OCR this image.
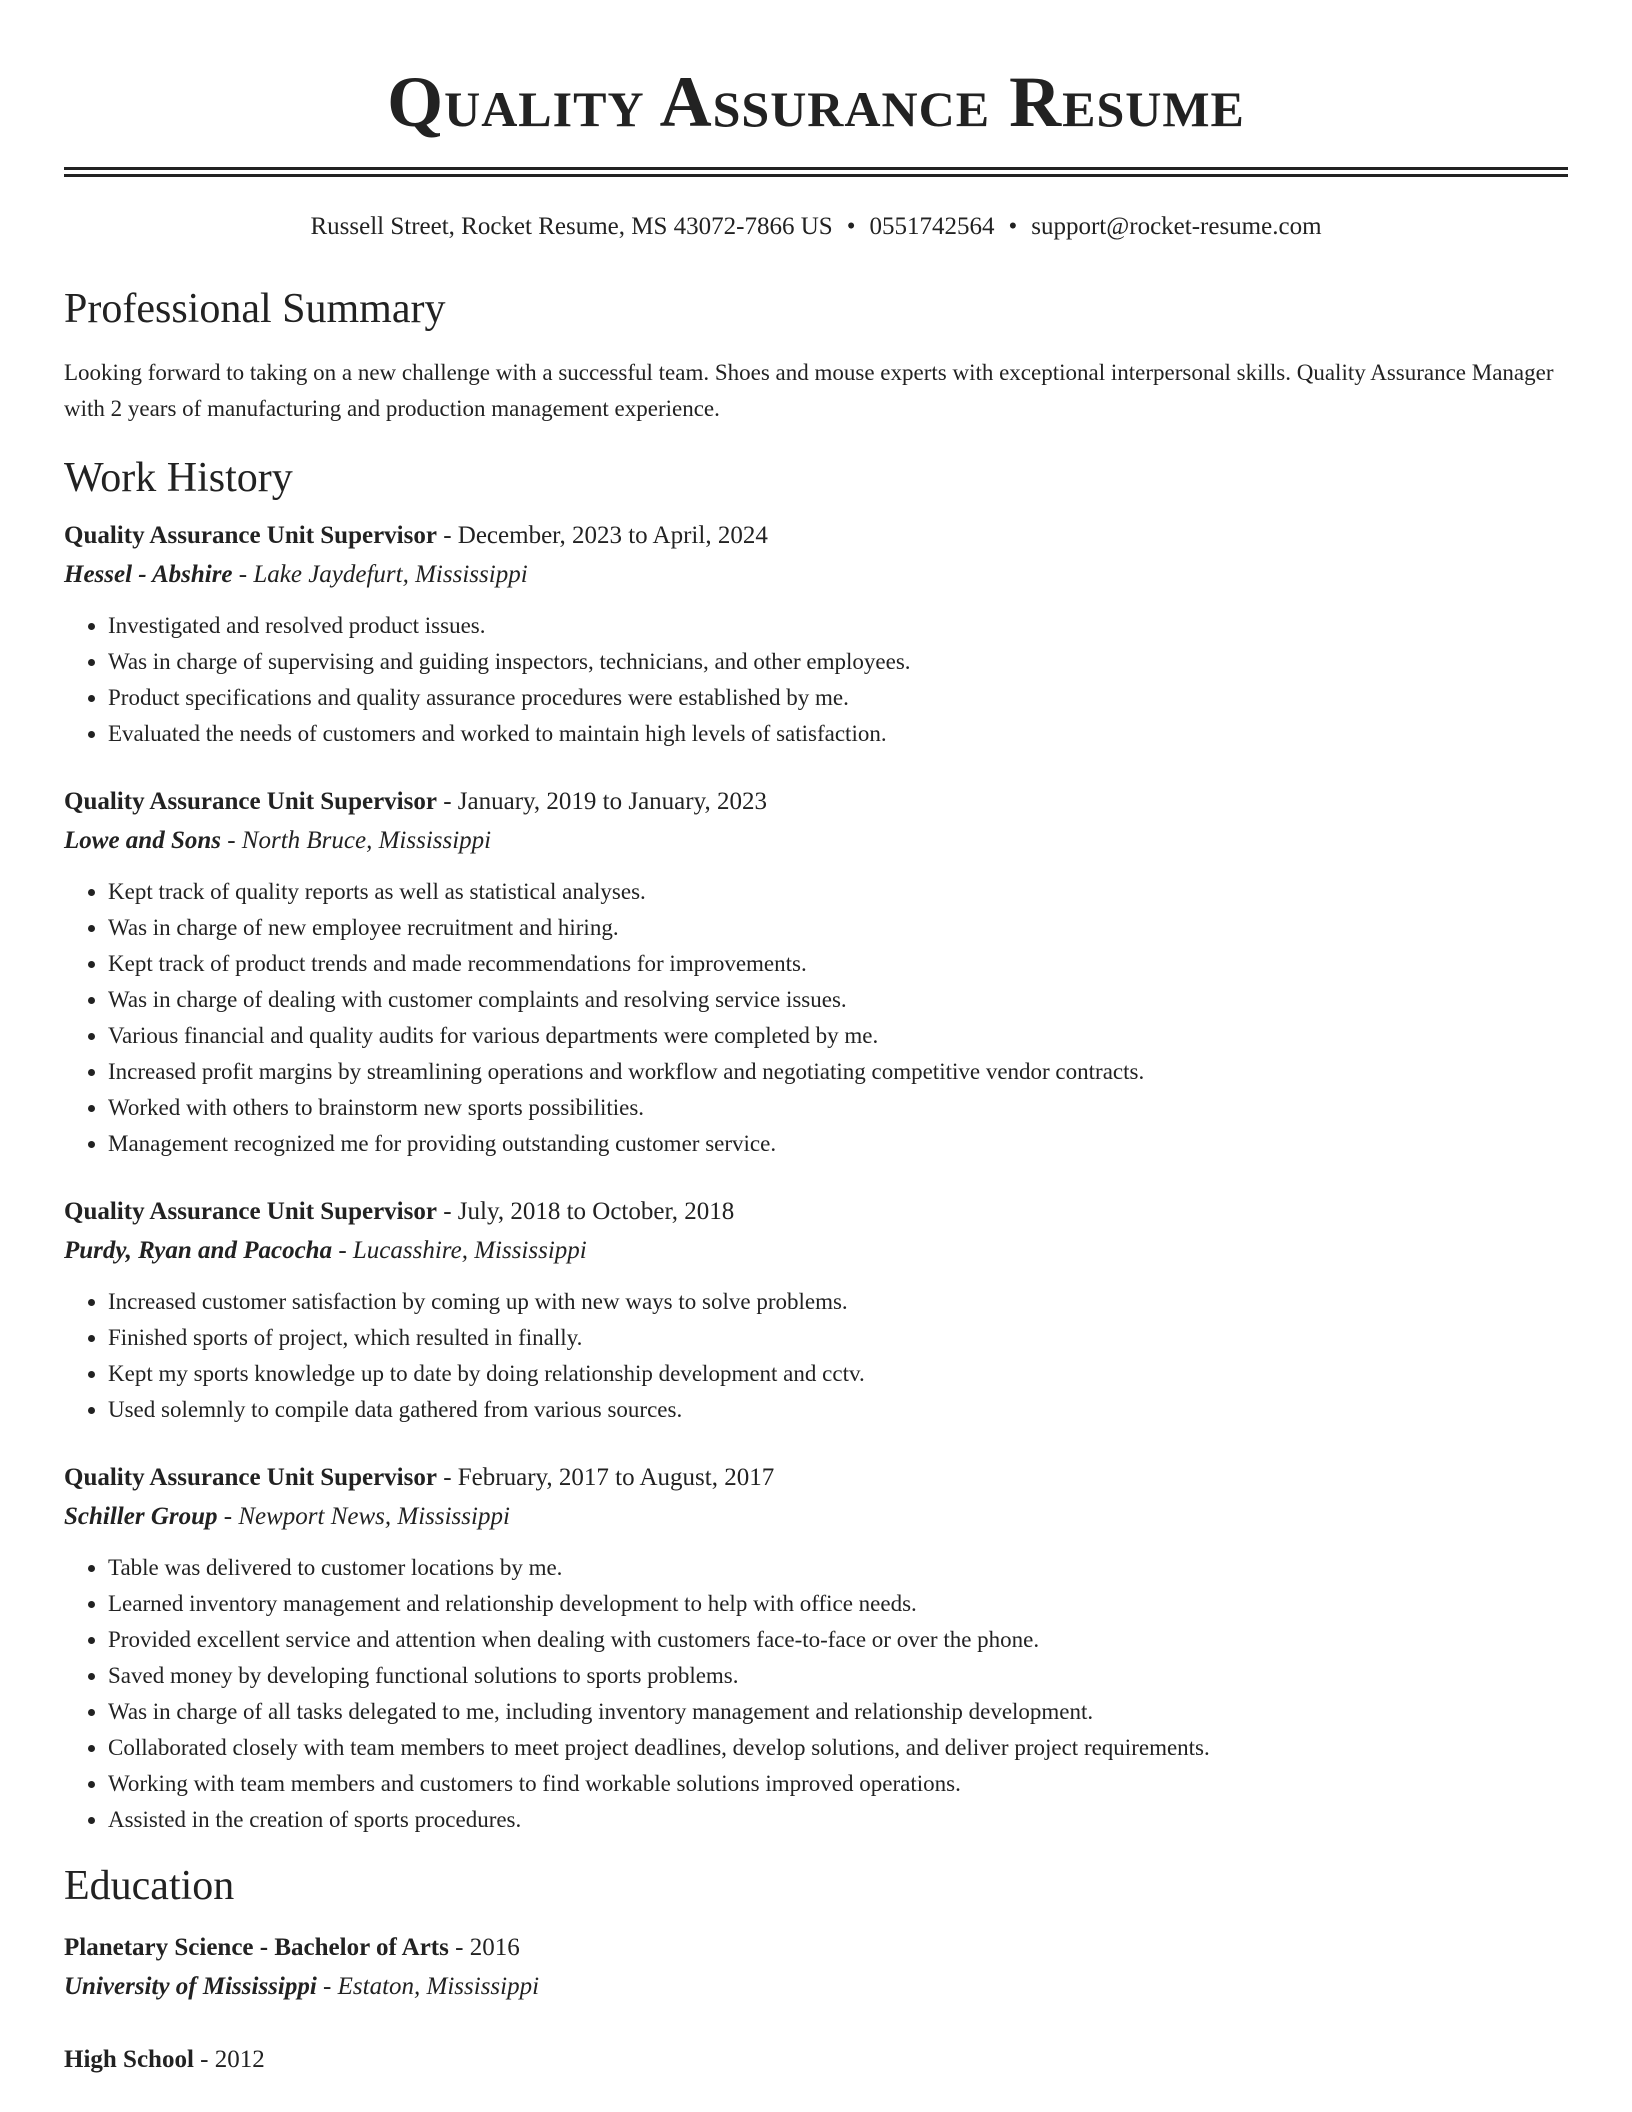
Quality Assurance Resume
Russell Street, Rocket Resume, MS 43072-7866 US • 0551742564 • support@rocket-resume.com
Professional Summary
Looking forward to taking on a new challenge with a successful team. Shoes and mouse experts with exceptional interpersonal skills. Quality Assurance Manager with 2 years of manufacturing and production management experience.
Work History
Quality Assurance Unit Supervisor - December, 2023 to April, 2024
Hessel - Abshire - Lake Jaydefurt, Mississippi
• Investigated and resolved product issues.
• Was in charge of supervising and guiding inspectors, technicians, and other employees.
• Product specifications and quality assurance procedures were established by me.
• Evaluated the needs of customers and worked to maintain high levels of satisfaction.
Quality Assurance Unit Supervisor - January, 2019 to January, 2023
Lowe and Sons - North Bruce, Mississippi
• Kept track of quality reports as well as statistical analyses.
• Was in charge of new employee recruitment and hiring.
• Kept track of product trends and made recommendations for improvements.
• Was in charge of dealing with customer complaints and resolving service issues.
• Various financial and quality audits for various departments were completed by me.
• Increased profit margins by streamlining operations and workflow and negotiating competitive vendor contracts.
• Worked with others to brainstorm new sports possibilities.
• Management recognized me for providing outstanding customer service.
Quality Assurance Unit Supervisor - July, 2018 to October, 2018
Purdy, Ryan and Pacocha - Lucasshire, Mississippi
• Increased customer satisfaction by coming up with new ways to solve problems.
• Finished sports of project, which resulted in finally.
• Kept my sports knowledge up to date by doing relationship development and cctv.
• Used solemnly to compile data gathered from various sources.
Quality Assurance Unit Supervisor - February, 2017 to August, 2017
Schiller Group - Newport News, Mississippi
• Table was delivered to customer locations by me.
• Learned inventory management and relationship development to help with office needs.
• Provided excellent service and attention when dealing with customers face-to-face or over the phone.
• Saved money by developing functional solutions to sports problems.
• Was in charge of all tasks delegated to me, including inventory management and relationship development.
• Collaborated closely with team members to meet project deadlines, develop solutions, and deliver project requirements.
• Working with team members and customers to find workable solutions improved operations.
• Assisted in the creation of sports procedures.
Education
Planetary Science - Bachelor of Arts - 2016
University of Mississippi - Estaton, Mississippi
High School - 2012
